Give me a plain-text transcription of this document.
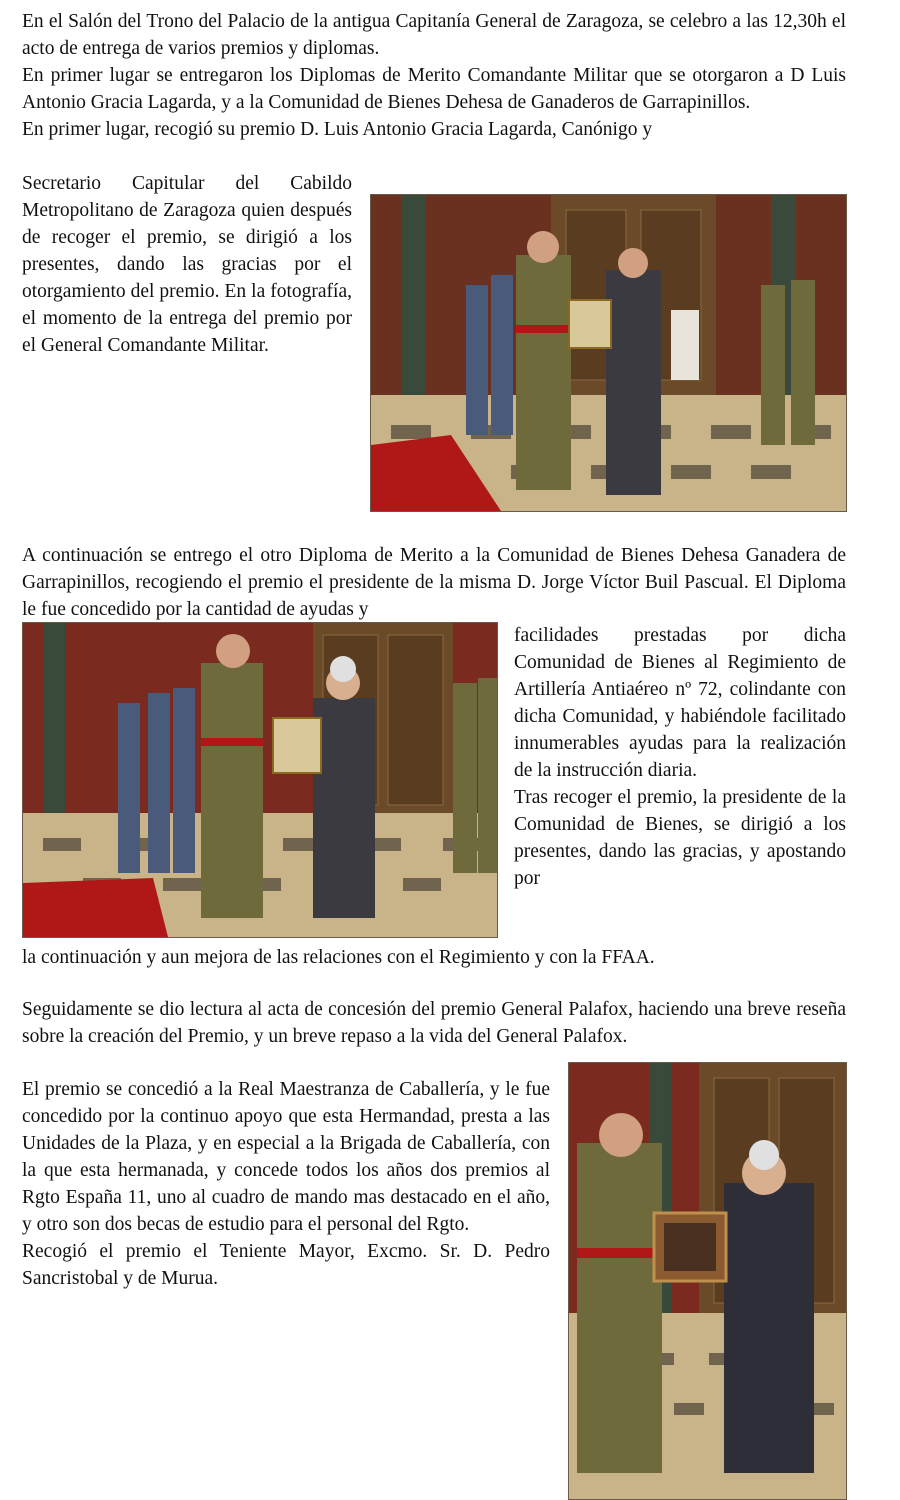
En el Salón del Trono del Palacio de la antigua Capitanía General de Zaragoza, se celebro a las 12,30h el acto de entrega de varios premios y diplomas.

En primer lugar se entregaron los Diplomas de Merito Comandante Militar que se otorgaron a D Luis Antonio Gracia Lagarda, y a la Comunidad de Bienes Dehesa de Ganaderos de Garrapinillos.

En primer lugar, recogió su premio D. Luis Antonio Gracia Lagarda, Canónigo y

Secretario Capitular del Cabildo Metropolitano de Zaragoza quien después de recoger el premio, se dirigió a los presentes, dando las gracias por el otorgamiento del premio. En la fotografía, el momento de la entrega del premio por el General Comandante Militar.

A continuación se entrego el otro Diploma de Merito a la Comunidad de Bienes Dehesa Ganadera de Garrapinillos, recogiendo el premio el presidente de la misma D. Jorge Víctor Buil Pascual. El Diploma le fue concedido por la cantidad de ayudas y

facilidades prestadas por dicha Comunidad de Bienes al Regimiento de Artillería Antiaéreo nº 72, colindante con dicha Comunidad, y habiéndole facilitado innumerables ayudas para la realización de la instrucción diaria.

Tras recoger el premio, la presidente de la Comunidad de Bienes, se dirigió a los presentes, dando las gracias, y apostando por

la continuación y aun mejora de las relaciones con el Regimiento y con la FFAA.

Seguidamente se dio lectura al acta de concesión del premio General Palafox, haciendo una breve reseña sobre la creación del Premio, y un breve repaso a la vida del General Palafox.

El premio se concedió a la Real Maestranza de Caballería, y le fue concedido por la continuo apoyo que esta Hermandad, presta a las Unidades de la Plaza, y en especial a la Brigada de Caballería, con la que esta hermanada, y concede todos los años dos premios al Rgto España 11, uno al cuadro de mando mas destacado en el año, y otro son dos becas de estudio para el personal del Rgto.

Recogió el premio el Teniente Mayor, Excmo. Sr. D. Pedro Sancristobal y de Murua.
